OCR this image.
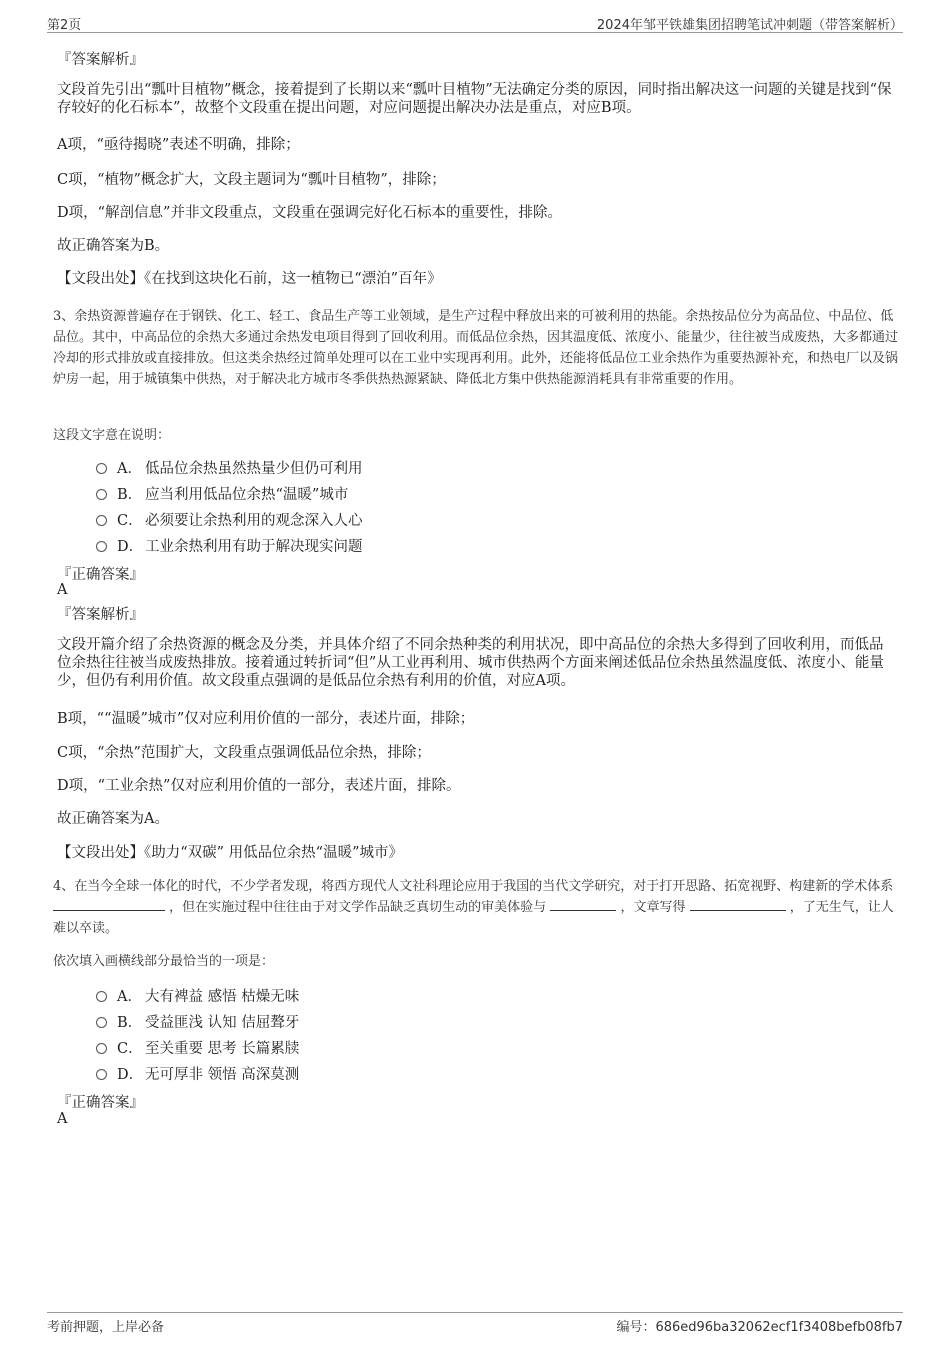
第2页	2024年邹平铁雄集团招聘笔试冲刺题（带答案解析）
『答案解析』
文段首先引出“瓢叶目植物”概念，接着提到了长期以来“瓢叶目植物”无法确定分类的原因，同时指出解决这一问题的关键是找到“保存较好的化石标本”，故整个文段重在提出问题，对应问题提出解决办法是重点，对应B项。
A项，“亟待揭晓”表述不明确，排除；
C项，“植物”概念扩大，文段主题词为“瓢叶目植物”，排除；
D项，“解剖信息”并非文段重点，文段重在强调完好化石标本的重要性，排除。
故正确答案为B。
【文段出处】《在找到这块化石前，这一植物已“漂泊”百年》
3、余热资源普遍存在于钢铁、化工、轻工、食品生产等工业领域，是生产过程中释放出来的可被利用的热能。余热按品位分为高品位、中品位、低品位。其中，中高品位的余热大多通过余热发电项目得到了回收利用。而低品位余热，因其温度低、浓度小、能量少，往往被当成废热，大多都通过冷却的形式排放或直接排放。但这类余热经过简单处理可以在工业中实现再利用。此外，还能将低品位工业余热作为重要热源补充，和热电厂以及锅炉房一起，用于城镇集中供热，对于解决北方城市冬季供热热源紧缺、降低北方集中供热能源消耗具有非常重要的作用。
这段文字意在说明：
A． 低品位余热虽然热量少但仍可利用
B． 应当利用低品位余热“温暖”城市
C． 必须要让余热利用的观念深入人心
D． 工业余热利用有助于解决现实问题
『正确答案』
A
『答案解析』
文段开篇介绍了余热资源的概念及分类，并具体介绍了不同余热种类的利用状况，即中高品位的余热大多得到了回收利用，而低品位余热往往被当成废热排放。接着通过转折词“但”从工业再利用、城市供热两个方面来阐述低品位余热虽然温度低、浓度小、能量少，但仍有利用价值。故文段重点强调的是低品位余热有利用的价值，对应A项。
B项，““温暖”城市”仅对应利用价值的一部分，表述片面，排除；
C项，“余热”范围扩大，文段重点强调低品位余热，排除；
D项，“工业余热”仅对应利用价值的一部分，表述片面，排除。
故正确答案为A。
【文段出处】《助力“双碳” 用低品位余热“温暖”城市》
4、在当今全球一体化的时代，不少学者发现，将西方现代人文社科理论应用于我国的当代文学研究，对于打开思路、拓宽视野、构建新的学术体系  ，但在实施过程中往往由于对文学作品缺乏真切生动的审美体验与	，文章写得	，了无生气，让人难以卒读。
依次填入画横线部分最恰当的一项是：
A． 大有裨益 感悟 枯燥无味
B． 受益匪浅 认知 佶屈聱牙
C． 至关重要 思考 长篇累牍
D． 无可厚非 领悟 高深莫测
『正确答案』
A
考前押题，上岸必备	编号：686ed96ba32062ecf1f3408befb08fb7
